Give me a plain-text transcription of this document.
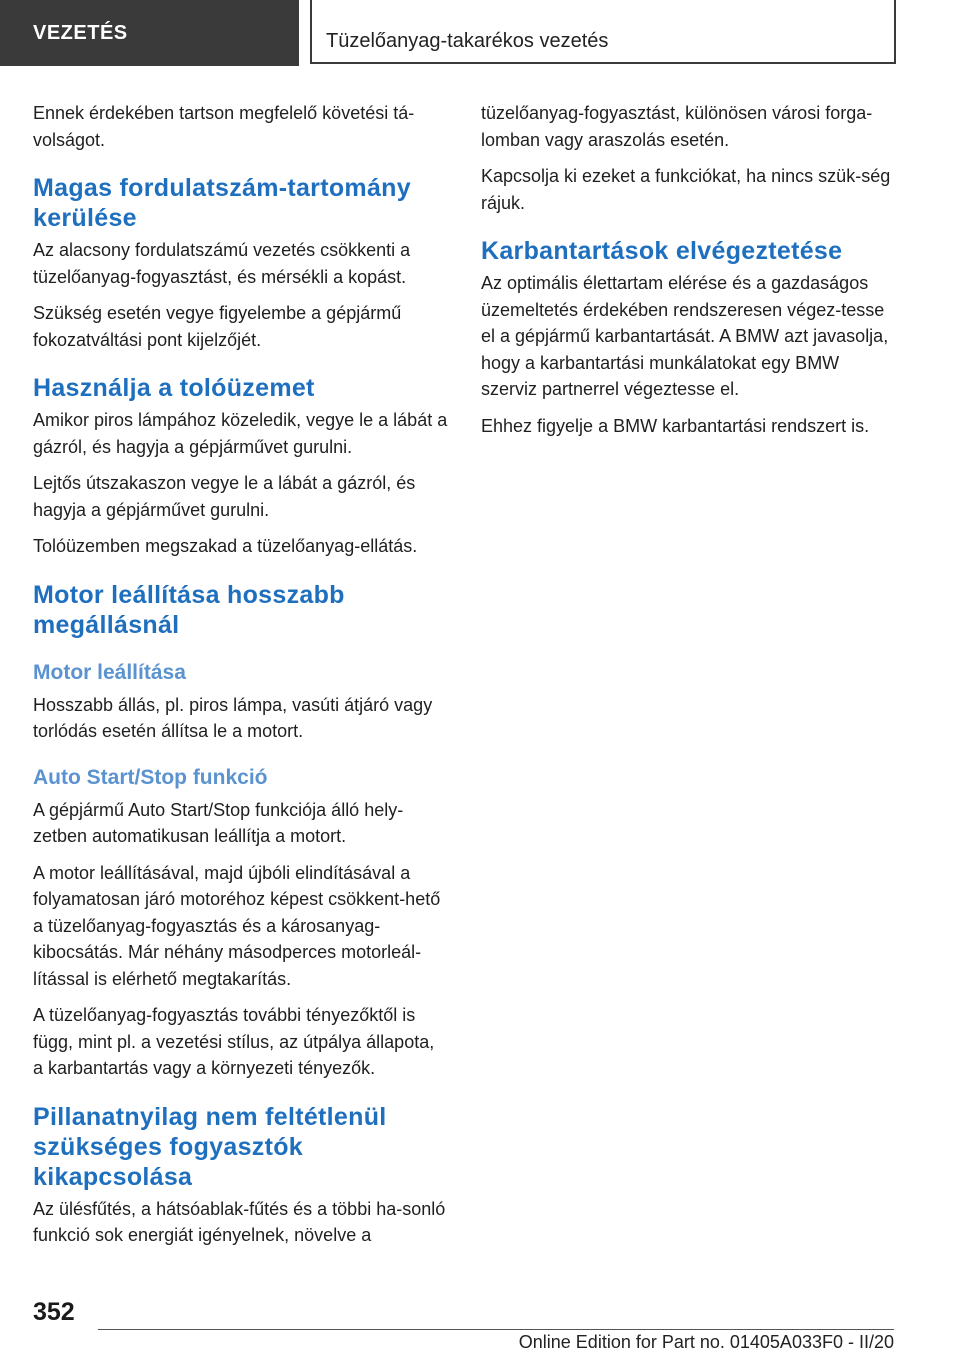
VEZETÉS	Tüzelőanyag-takarékos vezetés

Ennek érdekében tartson megfelelő követési tá-volságot.

Magas fordulatszám-tartomány kerülése

Az alacsony fordulatszámú vezetés csökkenti a tüzelőanyag-fogyasztást, és mérsékli a kopást.

Szükség esetén vegye figyelembe a gépjármű fokozatváltási pont kijelzőjét.

Használja a tolóüzemet

Amikor piros lámpához közeledik, vegye le a lábát a gázról, és hagyja a gépjárművet gurulni.

Lejtős útszakaszon vegye le a lábát a gázról, és hagyja a gépjárművet gurulni.

Tolóüzemben megszakad a tüzelőanyag-ellátás.

Motor leállítása hosszabb megállásnál
Motor leállítása

Hosszabb állás, pl. piros lámpa, vasúti átjáró vagy torlódás esetén állítsa le a motort.

Auto Start/Stop funkció

A gépjármű Auto Start/Stop funkciója álló hely-zetben automatikusan leállítja a motort.

A motor leállításával, majd újbóli elindításával a folyamatosan járó motoréhoz képest csökkent-hető a tüzelőanyag-fogyasztás és a károsanyag-kibocsátás. Már néhány másodperces motorleál-lítással is elérhető megtakarítás.

A tüzelőanyag-fogyasztás további tényezőktől is függ, mint pl. a vezetési stílus, az útpálya állapota, a karbantartás vagy a környezeti tényezők.

Pillanatnyilag nem feltétlenül szükséges fogyasztók kikapcsolása

Az ülésfűtés, a hátsóablak-fűtés és a többi ha-sonló funkció sok energiát igényelnek, növelve a

tüzelőanyag-fogyasztást, különösen városi forga-lomban vagy araszolás esetén.

Kapcsolja ki ezeket a funkciókat, ha nincs szük-ség rájuk.

Karbantartások elvégeztetése

Az optimális élettartam elérése és a gazdaságos üzemeltetés érdekében rendszeresen végez-tesse el a gépjármű karbantartását. A BMW azt javasolja, hogy a karbantartási munkálatokat egy BMW szerviz partnerrel végeztesse el.

Ehhez figyelje a BMW karbantartási rendszert is.

352
Online Edition for Part no. 01405A033F0 - II/20
